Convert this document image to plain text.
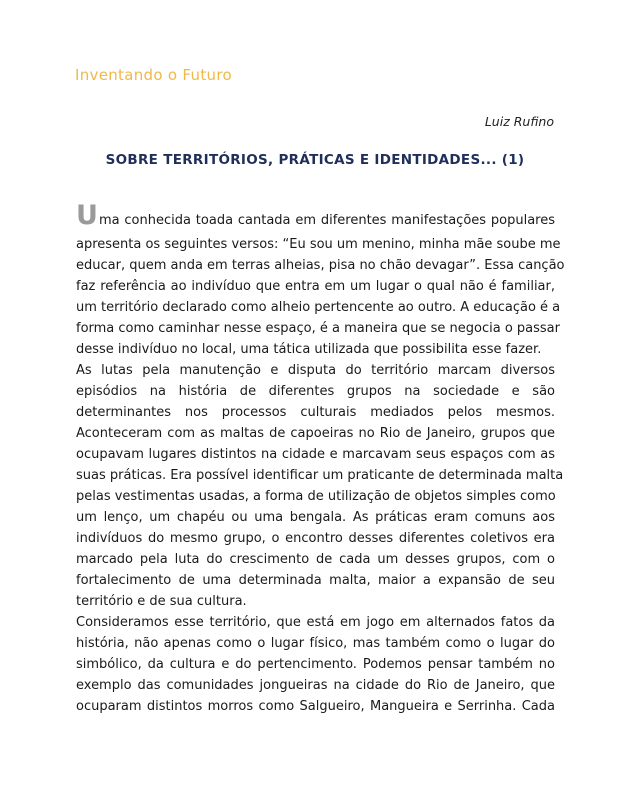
Inventando o Futuro
Luiz Rufino
SOBRE TERRITÓRIOS, PRÁTICAS E IDENTIDADES... (1)
Uma conhecida toada cantada em diferentes manifestações populares
apresenta os seguintes versos: “Eu sou um menino, minha mãe soube me
educar, quem anda em terras alheias, pisa no chão devagar”. Essa canção
faz referência ao indivíduo que entra em um lugar o qual não é familiar,
um território declarado como alheio pertencente ao outro. A educação é a
forma como caminhar nesse espaço, é a maneira que se negocia o passar
desse indivíduo no local, uma tática utilizada que possibilita esse fazer.
As lutas pela manutenção e disputa do território marcam diversos
episódios na história de diferentes grupos na sociedade e são
determinantes nos processos culturais mediados pelos mesmos.
Aconteceram com as maltas de capoeiras no Rio de Janeiro, grupos que
ocupavam lugares distintos na cidade e marcavam seus espaços com as
suas práticas. Era possível identificar um praticante de determinada malta
pelas vestimentas usadas, a forma de utilização de objetos simples como
um lenço, um chapéu ou uma bengala. As práticas eram comuns aos
indivíduos do mesmo grupo, o encontro desses diferentes coletivos era
marcado pela luta do crescimento de cada um desses grupos, com o
fortalecimento de uma determinada malta, maior a expansão de seu
território e de sua cultura.
Consideramos esse território, que está em jogo em alternados fatos da
história, não apenas como o lugar físico, mas também como o lugar do
simbólico, da cultura e do pertencimento. Podemos pensar também no
exemplo das comunidades jongueiras na cidade do Rio de Janeiro, que
ocuparam distintos morros como Salgueiro, Mangueira e Serrinha. Cada
